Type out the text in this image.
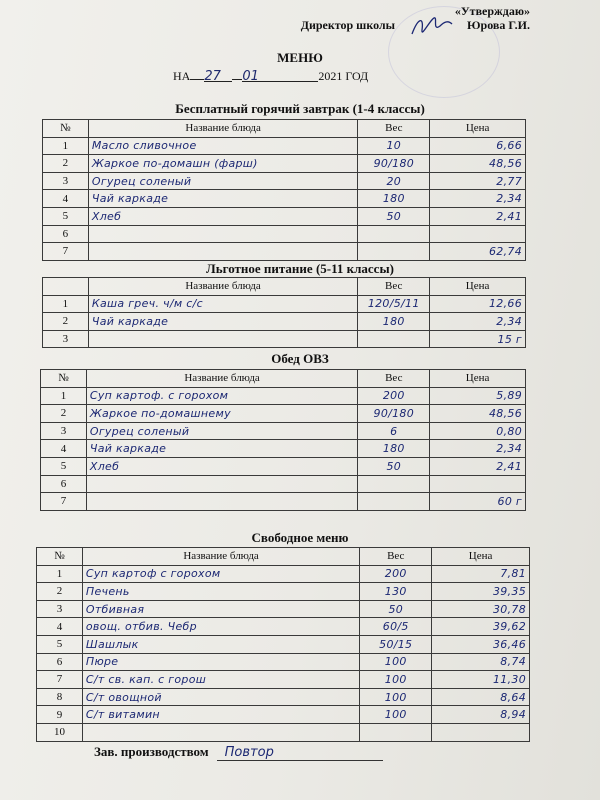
«Утверждаю»
Директор школы	Юрова Г.И.
МЕНЮ
НА 27	01	2021 ГОД
Бесплатный горячий завтрак (1-4 классы)
№	Название блюда	Вес	Цена
1	Масло сливочное	10	6,66
2	Жаркое по-домашн (фарш)	90/180	48,56
3	Огурец соленый	20	2,77
4	Чай каркаде	180	2,34
5	Хлеб	50	2,41
6			
7			62,74
Льготное питание (5-11 классы)
	Название блюда	Вес	Цена
1	Каша греч. ч/м с/с	120/5/11	12,66
2	Чай каркаде	180	2,34
3			15 г
Обед ОВЗ
№	Название блюда	Вес	Цена
1	Суп картоф. с горохом	200	5,89
2	Жаркое по-домашнему	90/180	48,56
3	Огурец соленый	6	0,80
4	Чай каркаде	180	2,34
5	Хлеб	50	2,41
6			
7			60 г
Свободное меню
№	Название блюда	Вес	Цена
1	Суп картоф с горохом	200	7,81
2	Печень	130	39,35
3	Отбивная	50	30,78
4	овощ. отбив. Чебр	60/5	39,62
5	Шашлык	50/15	36,46
6	Пюре	100	8,74
7	С/т св. кап. с горош	100	11,30
8	С/т овощной	100	8,64
9	С/т витамин	100	8,94
10			
Зав. производством	Повтор
